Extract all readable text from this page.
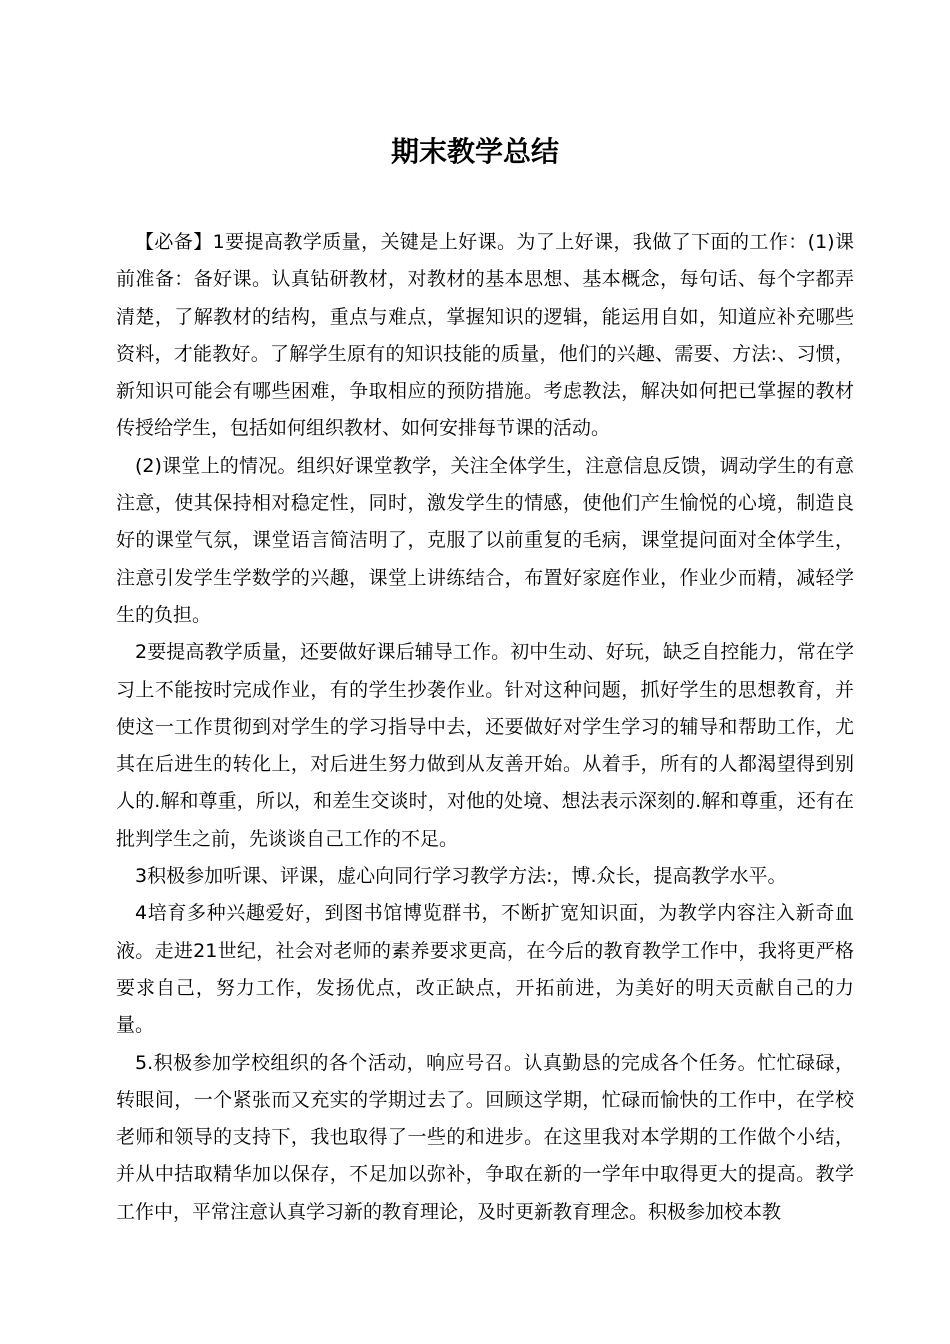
期末教学总结

【必备】1要提高教学质量，关键是上好课。为了上好课，我做了下面的工作：(1)课前准备：备好课。认真钻研教材，对教材的基本思想、基本概念，每句话、每个字都弄清楚，了解教材的结构，重点与难点，掌握知识的逻辑，能运用自如，知道应补充哪些资料，才能教好。了解学生原有的知识技能的质量，他们的兴趣、需要、方法:、习惯，新知识可能会有哪些困难，争取相应的预防措施。考虑教法，解决如何把已掌握的教材传授给学生，包括如何组织教材、如何安排每节课的活动。

(2)课堂上的情况。组织好课堂教学，关注全体学生，注意信息反馈，调动学生的有意注意，使其保持相对稳定性，同时，激发学生的情感，使他们产生愉悦的心境，制造良好的课堂气氛，课堂语言简洁明了，克服了以前重复的毛病，课堂提问面对全体学生，注意引发学生学数学的兴趣，课堂上讲练结合，布置好家庭作业，作业少而精，减轻学生的负担。

2要提高教学质量，还要做好课后辅导工作。初中生动、好玩，缺乏自控能力，常在学习上不能按时完成作业，有的学生抄袭作业。针对这种问题，抓好学生的思想教育，并使这一工作贯彻到对学生的学习指导中去，还要做好对学生学习的辅导和帮助工作，尤其在后进生的转化上，对后进生努力做到从友善开始。从着手，所有的人都渴望得到别人的.解和尊重，所以，和差生交谈时，对他的处境、想法表示深刻的.解和尊重，还有在批判学生之前，先谈谈自己工作的不足。

3积极参加听课、评课，虚心向同行学习教学方法:，博.众长，提高教学水平。

4培育多种兴趣爱好，到图书馆博览群书，不断扩宽知识面，为教学内容注入新奇血液。走进21世纪，社会对老师的素养要求更高，在今后的教育教学工作中，我将更严格要求自己，努力工作，发扬优点，改正缺点，开拓前进，为美好的明天贡献自己的力量。

5.积极参加学校组织的各个活动，响应号召。认真勤恳的完成各个任务。忙忙碌碌，转眼间，一个紧张而又充实的学期过去了。回顾这学期，忙碌而愉快的工作中，在学校老师和领导的支持下，我也取得了一些的和进步。在这里我对本学期的工作做个小结，并从中拮取精华加以保存，不足加以弥补，争取在新的一学年中取得更大的提高。教学工作中，平常注意认真学习新的教育理论，及时更新教育理念。积极参加校本教
